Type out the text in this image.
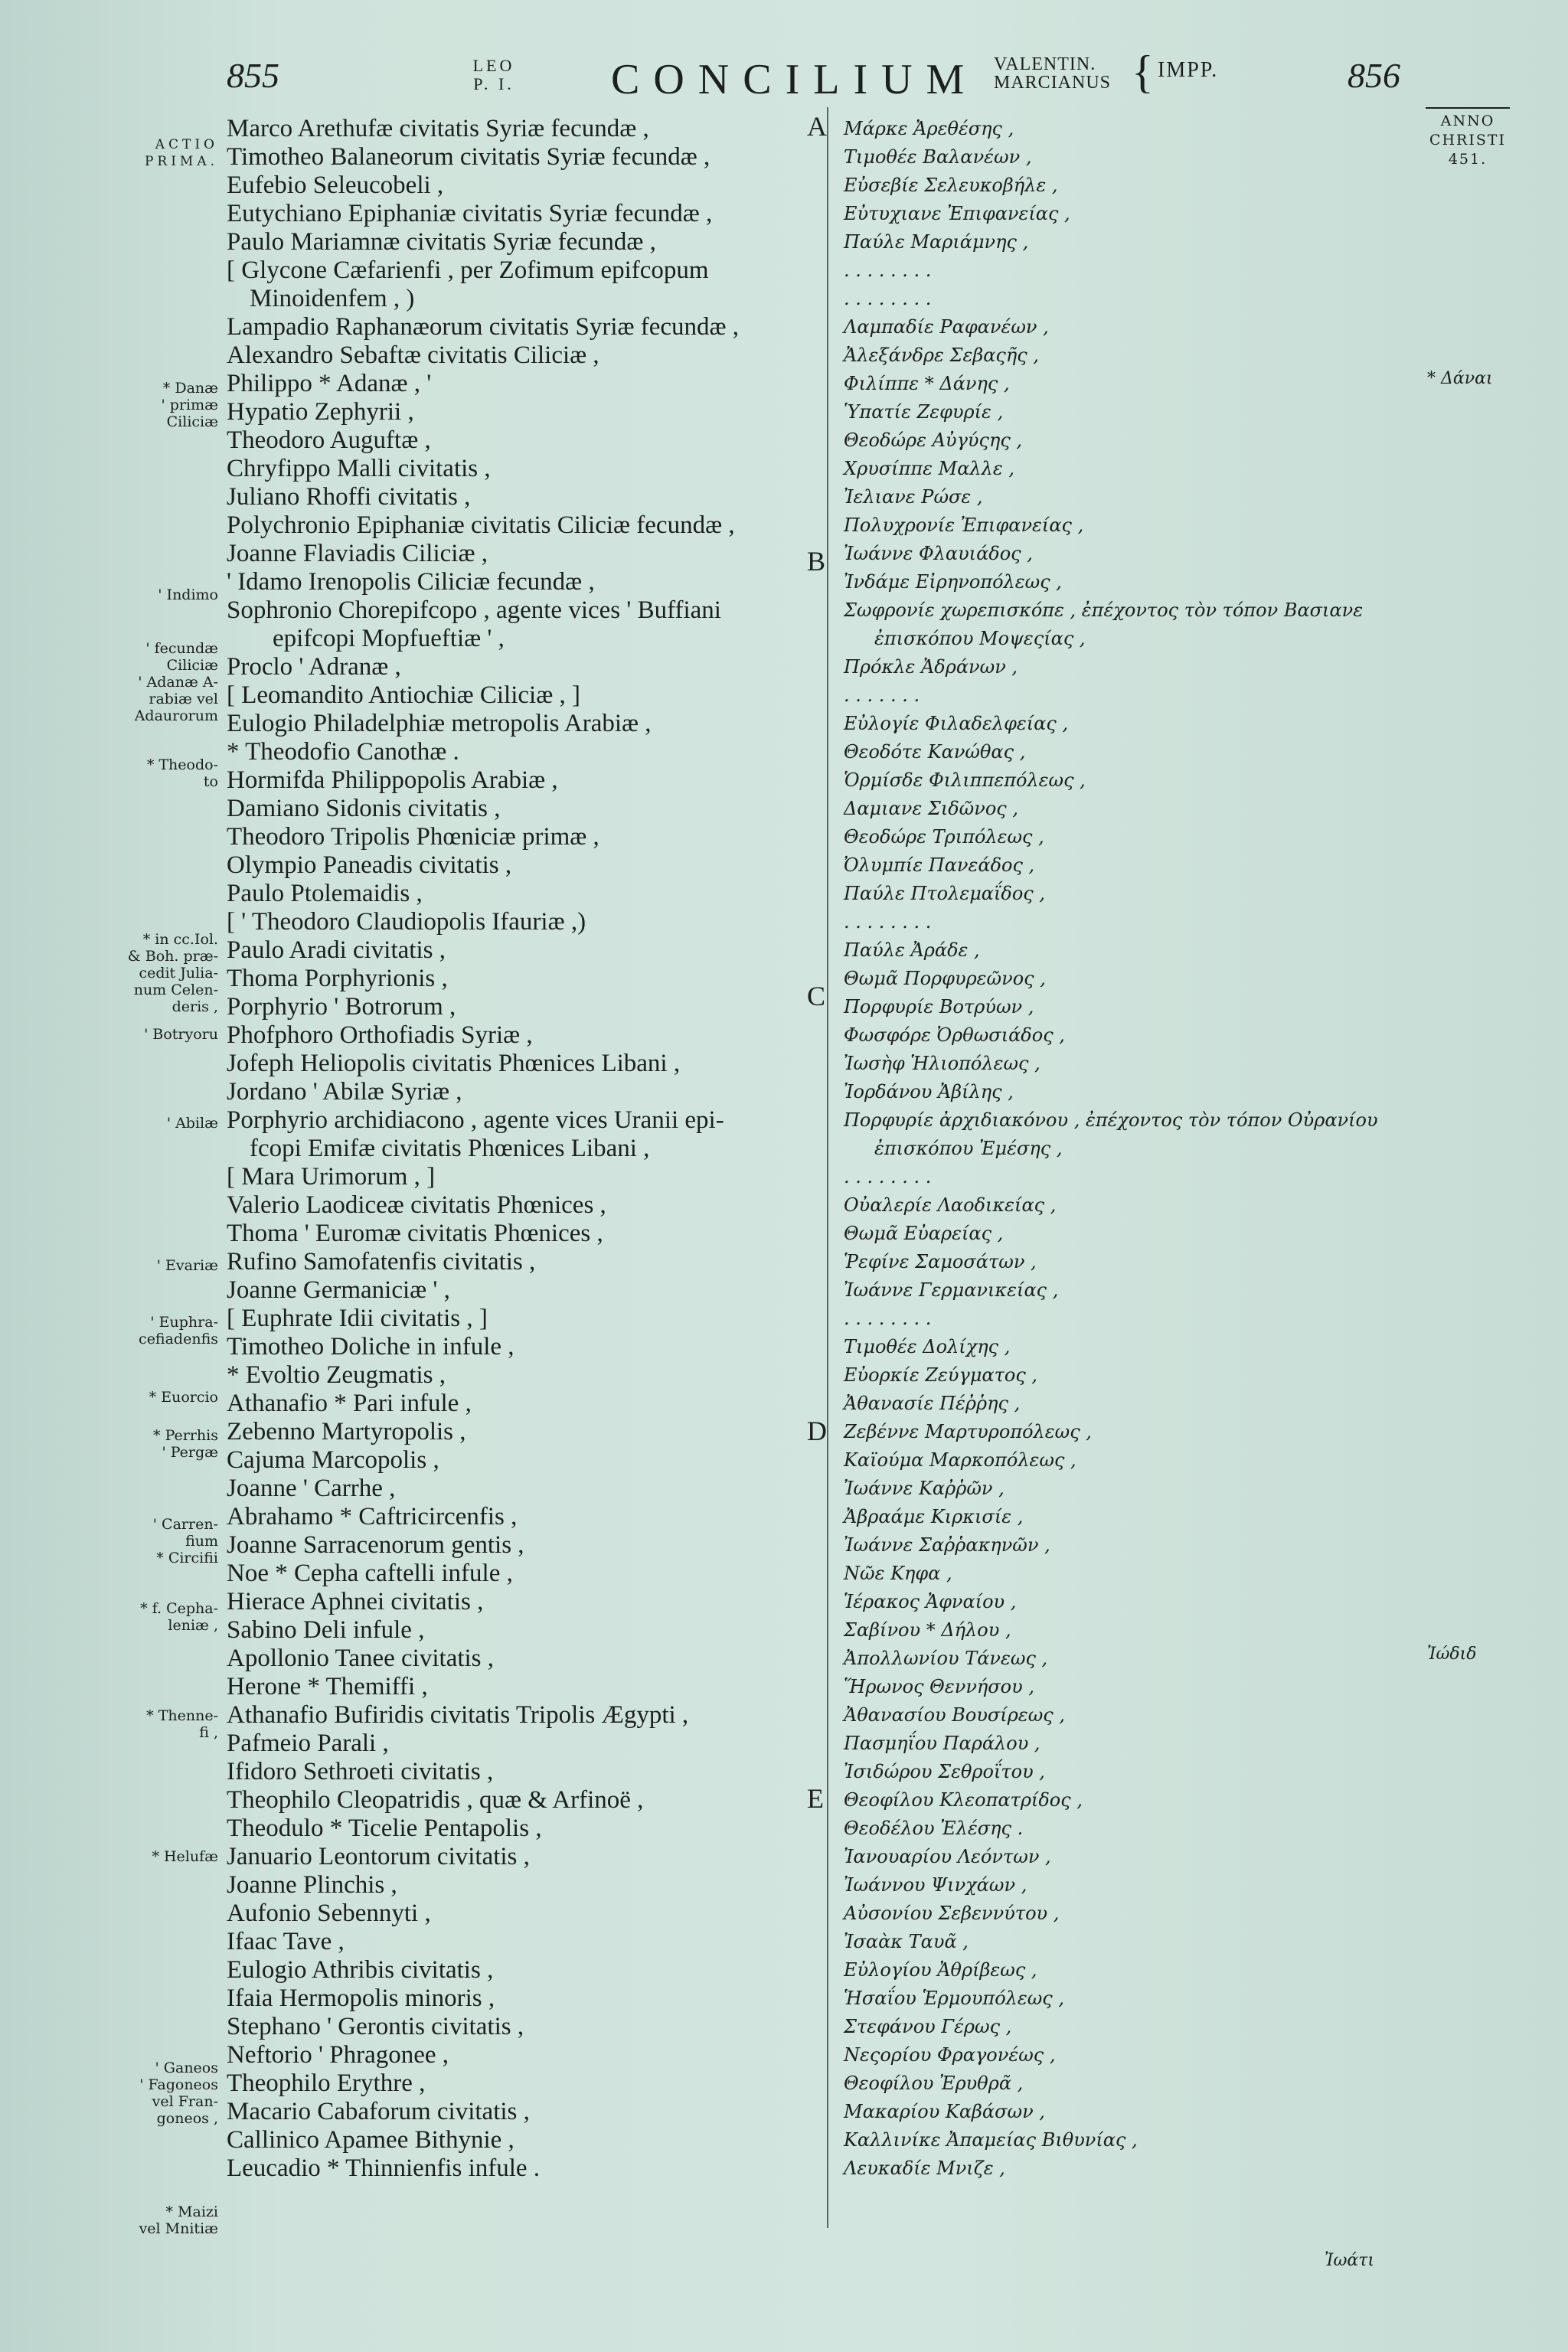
855	LEO
P. I.	CONCILIUM VALENTIN.
MARCIANUS { IMPP.	856
ANNO
CHRISTI
451.
ACTIO
PRIMA.
* Danæ
' primæ
Ciliciæ
' Indimo
' fecundæ
Ciliciæ
' Adanæ A-
rabiæ vel
Adaurorum
* Theodo-
to
* in cc.Iol.
& Boh. præ-
cedit Julia-
num Celen-
deris ,
' Botryoru
' Abilæ
' Evariæ
' Euphra-
cefiadenfis
* Euorcio
* Perrhis
' Pergæ
' Carren-
fium
* Circifii
* f. Cepha-
leniæ ,
* Thenne-
fi ,
* Helufæ
' Ganeos
' Fagoneos
vel Fran-
goneos ,
* Maizi
vel Mnitiæ
Marco Arethufæ civitatis Syriæ fecundæ ,
Timotheo Balaneorum civitatis Syriæ fecundæ ,
Eufebio Seleucobeli ,
Eutychiano Epiphaniæ civitatis Syriæ fecundæ ,
Paulo Mariamnæ civitatis Syriæ fecundæ ,
[ Glycone Cæfarienfi , per Zofimum epifcopum
Minoidenfem , )
Lampadio Raphanæorum civitatis Syriæ fecundæ ,
Alexandro Sebaftæ civitatis Ciliciæ ,
Philippo * Adanæ , '
Hypatio Zephyrii ,
Theodoro Auguftæ ,
Chryfippo Malli civitatis ,
Juliano Rhoffi civitatis ,
Polychronio Epiphaniæ civitatis Ciliciæ fecundæ ,
Joanne Flaviadis Ciliciæ ,
' Idamo Irenopolis Ciliciæ fecundæ ,
Sophronio Chorepifcopo , agente vices ' Buffiani
epifcopi Mopfueftiæ ' ,
Proclo ' Adranæ ,
[ Leomandito Antiochiæ Ciliciæ , ]
Eulogio Philadelphiæ metropolis Arabiæ ,
* Theodofio Canothæ .
Hormifda Philippopolis Arabiæ ,
Damiano Sidonis civitatis ,
Theodoro Tripolis Phœniciæ primæ ,
Olympio Paneadis civitatis ,
Paulo Ptolemaidis ,
[ ' Theodoro Claudiopolis Ifauriæ ,)
Paulo Aradi civitatis ,
Thoma Porphyrionis ,
Porphyrio ' Botrorum ,
Phofphoro Orthofiadis Syriæ ,
Jofeph Heliopolis civitatis Phœnices Libani ,
Jordano ' Abilæ Syriæ ,
Porphyrio archidiacono , agente vices Uranii epi-
fcopi Emifæ civitatis Phœnices Libani ,
[ Mara Urimorum , ]
Valerio Laodiceæ civitatis Phœnices ,
Thoma ' Euromæ civitatis Phœnices ,
Rufino Samofatenfis civitatis ,
Joanne Germaniciæ ' ,
[ Euphrate Idii civitatis , ]
Timotheo Doliche in infule ,
* Evoltio Zeugmatis ,
Athanafio * Pari infule ,
Zebenno Martyropolis ,
Cajuma Marcopolis ,
Joanne ' Carrhe ,
Abrahamo * Caftricircenfis ,
Joanne Sarracenorum gentis ,
Noe * Cepha caftelli infule ,
Hierace Aphnei civitatis ,
Sabino Deli infule ,
Apollonio Tanee civitatis ,
Herone * Themiffi ,
Athanafio Bufiridis civitatis Tripolis Ægypti ,
Pafmeio Parali ,
Ifidoro Sethroeti civitatis ,
Theophilo Cleopatridis , quæ & Arfinoë ,
Theodulo * Ticelie Pentapolis ,
Januario Leontorum civitatis ,
Joanne Plinchis ,
Aufonio Sebennyti ,
Ifaac Tave ,
Eulogio Athribis civitatis ,
Ifaia Hermopolis minoris ,
Stephano ' Gerontis civitatis ,
Neftorio ' Phragonee ,
Theophilo Erythre ,
Macario Cabaforum civitatis ,
Callinico Apamee Bithynie ,
Leucadio * Thinnienfis infule .
A
B
C
D
E
Μάρκε Ἀρεθέσης ,
Τιμοθέε Βαλανέων ,
Εὐσεβίε Σελευκοβήλε ,
Εὐτυχιανε Ἐπιφανείας ,
Παύλε Μαριάμνης ,
. . . . . . . .
. . . . . . . .
Λαμπαδίε Ραφανέων ,
Ἀλεξάνδρε Σεβαςῆς ,
Φιλίππε * Δάνης ,
Ὑπατίε Ζεφυρίε ,
Θεοδώρε Αὐγύςης ,
Χρυσίππε Μαλλε ,
Ἰελιανε Ρώσε ,
Πολυχρονίε Ἐπιφανείας ,
Ἰωάννε Φλαυιάδος ,
Ἰνδάμε Εἰρηνοπόλεως ,
Σωφρονίε χωρεπισκόπε , ἐπέχοντος τὸν τόπον Βασιανε
ἐπισκόπου Μοψεςίας ,
Πρόκλε Ἀδράνων ,
. . . . . . .
Εὐλογίε Φιλαδελφείας ,
Θεοδότε Κανώθας ,
Ὁρμίσδε Φιλιππεπόλεως ,
Δαμιανε Σιδῶνος ,
Θεοδώρε Τριπόλεως ,
Ὀλυμπίε Πανεάδος ,
Παύλε Πτολεμαΐδος ,
. . . . . . . .
Παύλε Ἀράδε ,
Θωμᾶ Πορφυρεῶνος ,
Πορφυρίε Βοτρύων ,
Φωσφόρε Ὀρθωσιάδος ,
Ἰωσὴφ Ἡλιοπόλεως ,
Ἰορδάνου Ἀβίλης ,
Πορφυρίε ἀρχιδιακόνου , ἐπέχοντος τὸν τόπον Οὐρανίου
ἐπισκόπου Ἐμέσης ,
. . . . . . . .
Οὐαλερίε Λαοδικείας ,
Θωμᾶ Εὐαρείας ,
Ῥεφίνε Σαμοσάτων ,
Ἰωάννε Γερμανικείας ,
. . . . . . . .
Τιμοθέε Δολίχης ,
Εὐορκίε Ζεύγματος ,
Ἀθανασίε Πέῤῥης ,
Ζεβέννε Μαρτυροπόλεως ,
Καϊούμα Μαρκοπόλεως ,
Ἰωάννε Καῤῥῶν ,
Ἀβραάμε Κιρκισίε ,
Ἰωάννε Σαῤῥακηνῶν ,
Νῶε Κηφα ,
Ἱέρακος Ἀφναίου ,
Σαβίνου * Δήλου ,
Ἀπολλωνίου Τάνεως ,
Ἥρωνος Θεννήσου ,
Ἀθανασίου Βουσίρεως ,
Πασμηΐου Παράλου ,
Ἰσιδώρου Σεθροΐτου ,
Θεοφίλου Κλεοπατρίδος ,
Θεοδέλου Ἐλέσης .
Ἰανουαρίου Λεόντων ,
Ἰωάννου Ψινχάων ,
Αὐσονίου Σεβεννύτου ,
Ἰσαὰκ Ταυᾶ ,
Εὐλογίου Ἀθρίβεως ,
Ἡσαΐου Ἑρμουπόλεως ,
Στεφάνου Γέρως ,
Νεςορίου Φραγονέως ,
Θεοφίλου Ἐρυθρᾶ ,
Μακαρίου Καβάσων ,
Καλλινίκε Ἀπαμείας Βιθυνίας ,
Λευκαδίε Μνιζε ,
* Δάναι
Ἰώδιδ
Ἰωάτι
